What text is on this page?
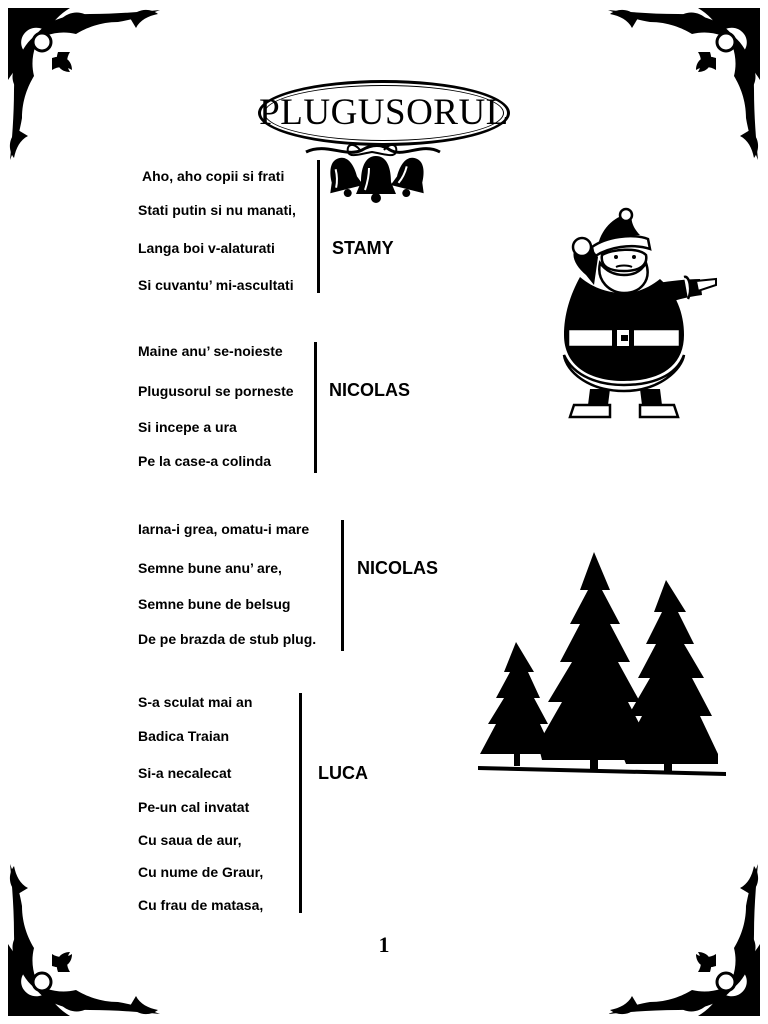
PLUGUSORUL
Aho, aho copii si frati
Stati putin si nu manati,
Langa boi v-alaturati
Si cuvantu’ mi-ascultati
STAMY
Maine anu’ se-noieste
Plugusorul se porneste
Si incepe a ura
Pe la case-a colinda
NICOLAS
Iarna-i grea, omatu-i mare
Semne bune anu’ are,
Semne bune de belsug
De pe brazda de stub plug.
NICOLAS
S-a sculat mai an
Badica Traian
Si-a necalecat
Pe-un cal invatat
Cu saua de aur,
Cu nume de Graur,
Cu frau de matasa,
LUCA
1
